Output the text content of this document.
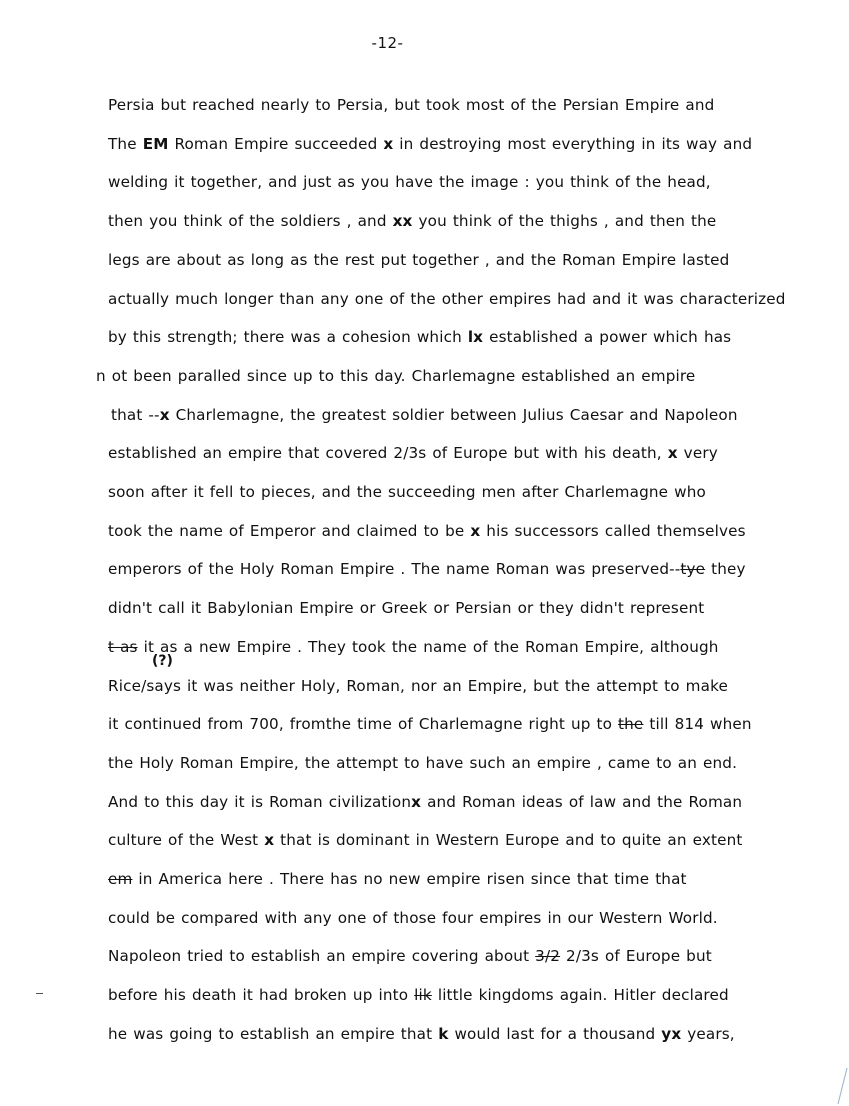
-12-
Persia but reached nearly to Persia, but took most of the Persian Empire and
The EM Roman Empire succeeded x in destroying most everything in its way and
welding it together, and just as you have the image : you think of the head,
then you think of the soldiers , and xx you think of the thighs , and then the
legs are about as long as the rest put together , and the Roman Empire lasted
actually much longer than any one of the other empires had and it was characterized
by this strength; there was a cohesion which lx established a power which has
n ot been paralled since up to this day. Charlemagne established an empire
that --x Charlemagne, the greatest soldier between Julius Caesar and Napoleon
established an empire that covered 2/3s of Europe but with his death, x very
soon after it fell to pieces, and the succeeding men after Charlemagne who
took the name of Emperor and claimed to be x his successors called themselves
emperors of the Holy Roman Empire . The name Roman was preserved--tye they
didn't call it Babylonian Empire or Greek or Persian or they didn't represent
t as it as a new Empire . They took the name of the Roman Empire, although
Rice/says it was neither Holy, Roman, nor an Empire, but the attempt to make
it continued from 700, fromthe time of Charlemagne right up to the till 814 when
the Holy Roman Empire, the attempt to have such an empire , came to an end.
And to this day it is Roman civilizationx and Roman ideas of law and the Roman
culture of the West x that is dominant in Western Europe and to quite an extent
em in America here . There has no new empire risen since that time that
could be compared with any one of those four empires in our Western World.
Napoleon tried to establish an empire covering about 3/2 2/3s of Europe but
before his death it had broken up into lik little kingdoms again. Hitler declared
he was going to establish an empire that k would last for a thousand yx years,
(?)
